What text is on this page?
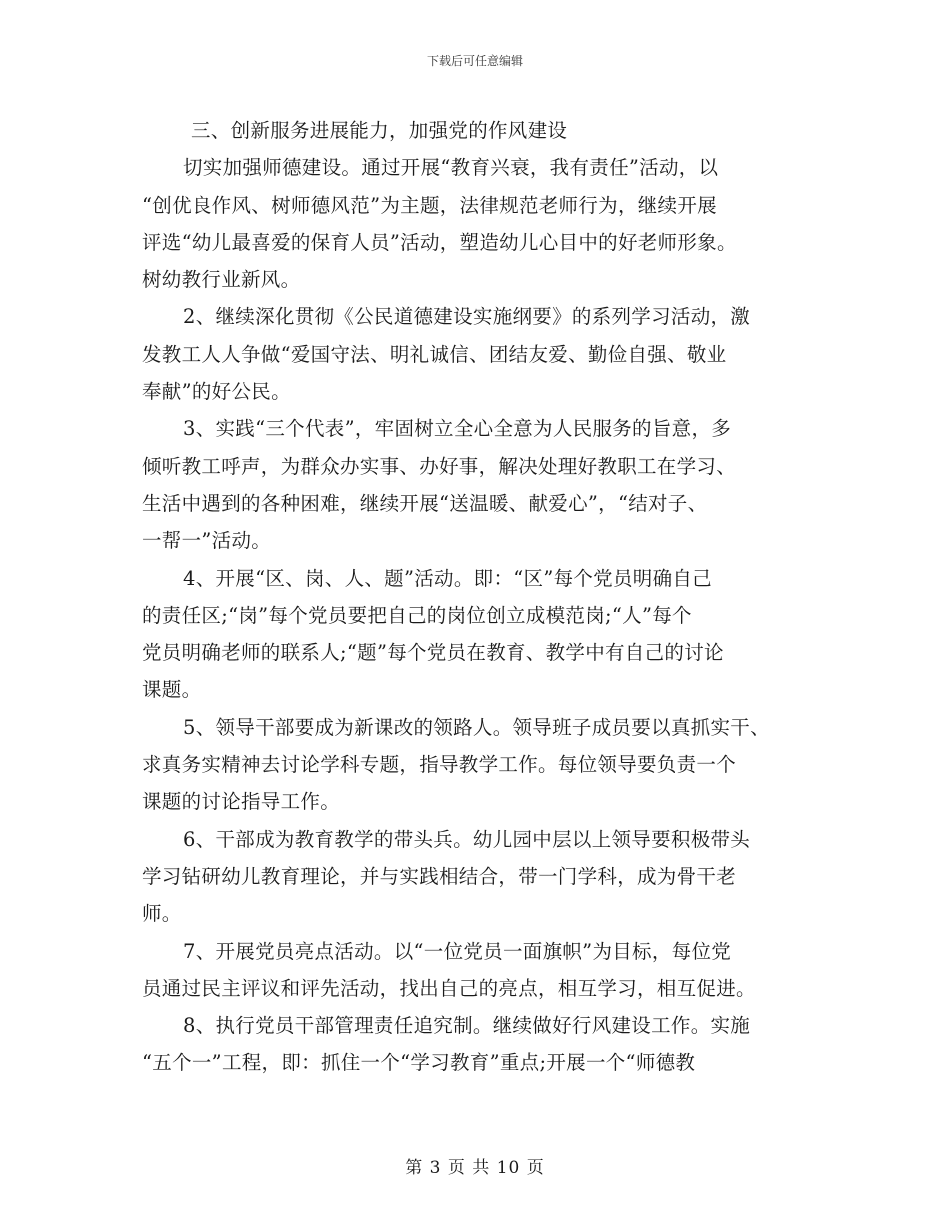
下载后可任意编辑
三、创新服务进展能力，加强党的作风建设
切实加强师德建设。通过开展“教育兴衰，我有责任”活动，以
“创优良作风、树师德风范”为主题，法律规范老师行为，继续开展
评选“幼儿最喜爱的保育人员”活动，塑造幼儿心目中的好老师形象。
树幼教行业新风。
2、继续深化贯彻《公民道德建设实施纲要》的系列学习活动，激
发教工人人争做“爱国守法、明礼诚信、团结友爱、勤俭自强、敬业
奉献”的好公民。
3、实践“三个代表”，牢固树立全心全意为人民服务的旨意，多
倾听教工呼声，为群众办实事、办好事，解决处理好教职工在学习、
生活中遇到的各种困难，继续开展“送温暖、献爱心”，“结对子、
一帮一”活动。
4、开展“区、岗、人、题”活动。即：“区”每个党员明确自己
的责任区;“岗”每个党员要把自己的岗位创立成模范岗;“人”每个
党员明确老师的联系人;“题”每个党员在教育、教学中有自己的讨论
课题。
5、领导干部要成为新课改的领路人。领导班子成员要以真抓实干、
求真务实精神去讨论学科专题，指导教学工作。每位领导要负责一个
课题的讨论指导工作。
6、干部成为教育教学的带头兵。幼儿园中层以上领导要积极带头
学习钻研幼儿教育理论，并与实践相结合，带一门学科，成为骨干老
师。
7、开展党员亮点活动。以“一位党员一面旗帜”为目标，每位党
员通过民主评议和评先活动，找出自己的亮点，相互学习，相互促进。
8、执行党员干部管理责任追究制。继续做好行风建设工作。实施
“五个一”工程，即：抓住一个“学习教育”重点;开展一个“师德教
第 3 页 共 10 页
